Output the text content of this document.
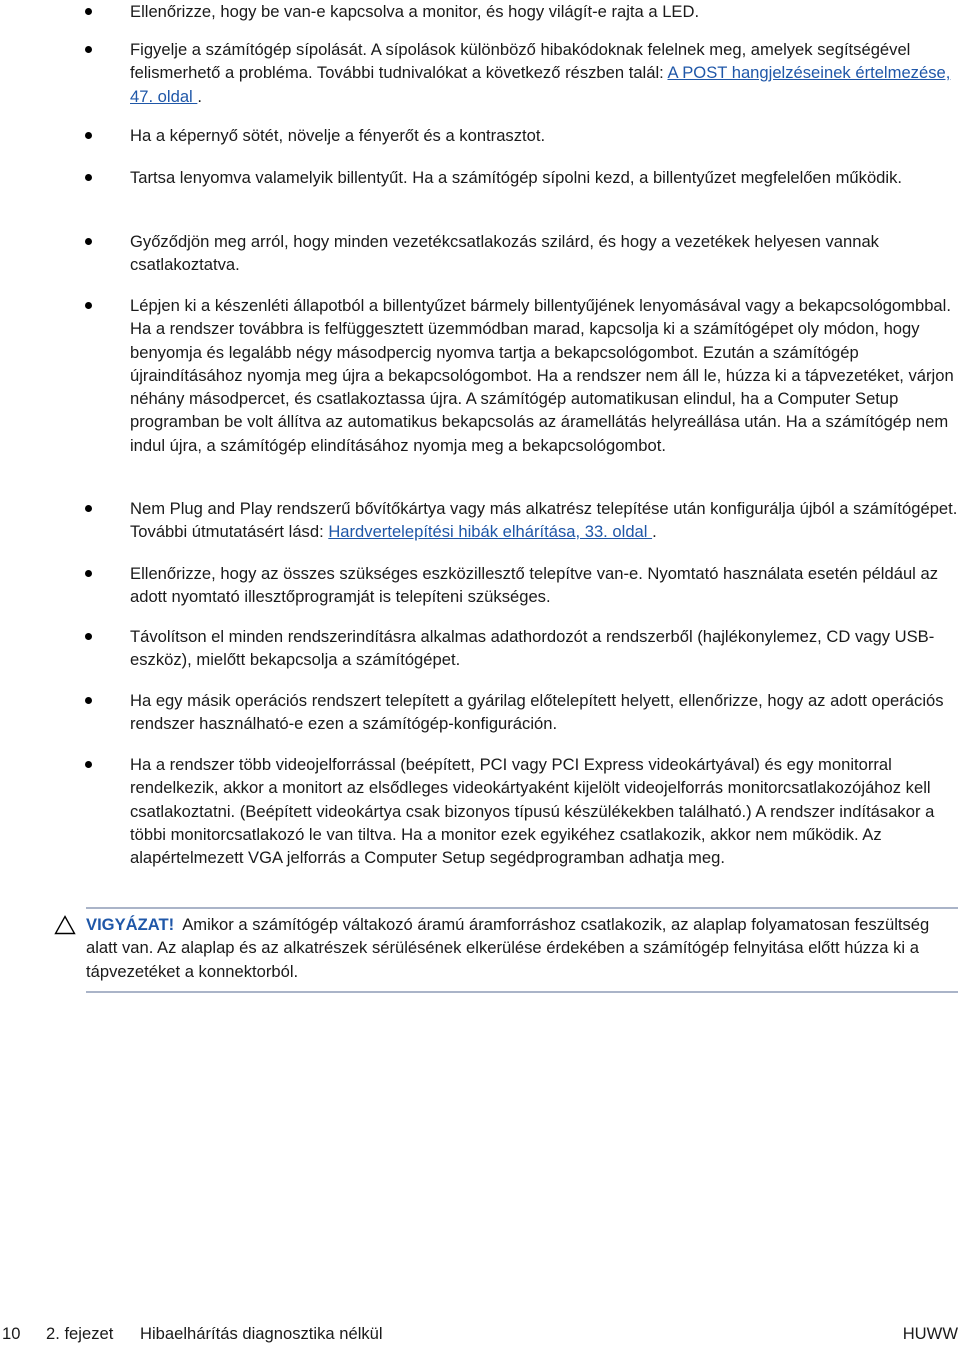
Ellenőrizze, hogy be van-e kapcsolva a monitor, és hogy világít-e rajta a LED.
Figyelje a számítógép sípolását. A sípolások különböző hibakódoknak felelnek meg, amelyek segítségével felismerhető a probléma. További tudnivalókat a következő részben talál: A POST hangjelzéseinek értelmezése, 47. oldal .
Ha a képernyő sötét, növelje a fényerőt és a kontrasztot.
Tartsa lenyomva valamelyik billentyűt. Ha a számítógép sípolni kezd, a billentyűzet megfelelően működik.
Győződjön meg arról, hogy minden vezetékcsatlakozás szilárd, és hogy a vezetékek helyesen vannak csatlakoztatva.
Lépjen ki a készenléti állapotból a billentyűzet bármely billentyűjének lenyomásával vagy a bekapcsológombbal. Ha a rendszer továbbra is felfüggesztett üzemmódban marad, kapcsolja ki a számítógépet oly módon, hogy benyomja és legalább négy másodpercig nyomva tartja a bekapcsológombot. Ezután a számítógép újraindításához nyomja meg újra a bekapcsológombot. Ha a rendszer nem áll le, húzza ki a tápvezetéket, várjon néhány másodpercet, és csatlakoztassa újra. A számítógép automatikusan elindul, ha a Computer Setup programban be volt állítva az automatikus bekapcsolás az áramellátás helyreállása után. Ha a számítógép nem indul újra, a számítógép elindításához nyomja meg a bekapcsológombot.
Nem Plug and Play rendszerű bővítőkártya vagy más alkatrész telepítése után konfigurálja újból a számítógépet. További útmutatásért lásd: Hardvertelepítési hibák elhárítása, 33. oldal .
Ellenőrizze, hogy az összes szükséges eszközillesztő telepítve van-e. Nyomtató használata esetén például az adott nyomtató illesztőprogramját is telepíteni szükséges.
Távolítson el minden rendszerindításra alkalmas adathordozót a rendszerből (hajlékonylemez, CD vagy USB-eszköz), mielőtt bekapcsolja a számítógépet.
Ha egy másik operációs rendszert telepített a gyárilag előtelepített helyett, ellenőrizze, hogy az adott operációs rendszer használható-e ezen a számítógép-konfiguráción.
Ha a rendszer több videojelforrással (beépített, PCI vagy PCI Express videokártyával) és egy monitorral rendelkezik, akkor a monitort az elsődleges videokártyaként kijelölt videojelforrás monitorcsatlakozójához kell csatlakoztatni. (Beépített videokártya csak bizonyos típusú készülékekben található.) A rendszer indításakor a többi monitorcsatlakozó le van tiltva. Ha a monitor ezek egyikéhez csatlakozik, akkor nem működik. Az alapértelmezett VGA jelforrás a Computer Setup segédprogramban adhatja meg.
VIGYÁZAT! Amikor a számítógép váltakozó áramú áramforráshoz csatlakozik, az alaplap folyamatosan feszültség alatt van. Az alaplap és az alkatrészek sérülésének elkerülése érdekében a számítógép felnyitása előtt húzza ki a tápvezetéket a konnektorból.
10 2. fejezet Hibaelhárítás diagnosztika nélkül	HUWW
